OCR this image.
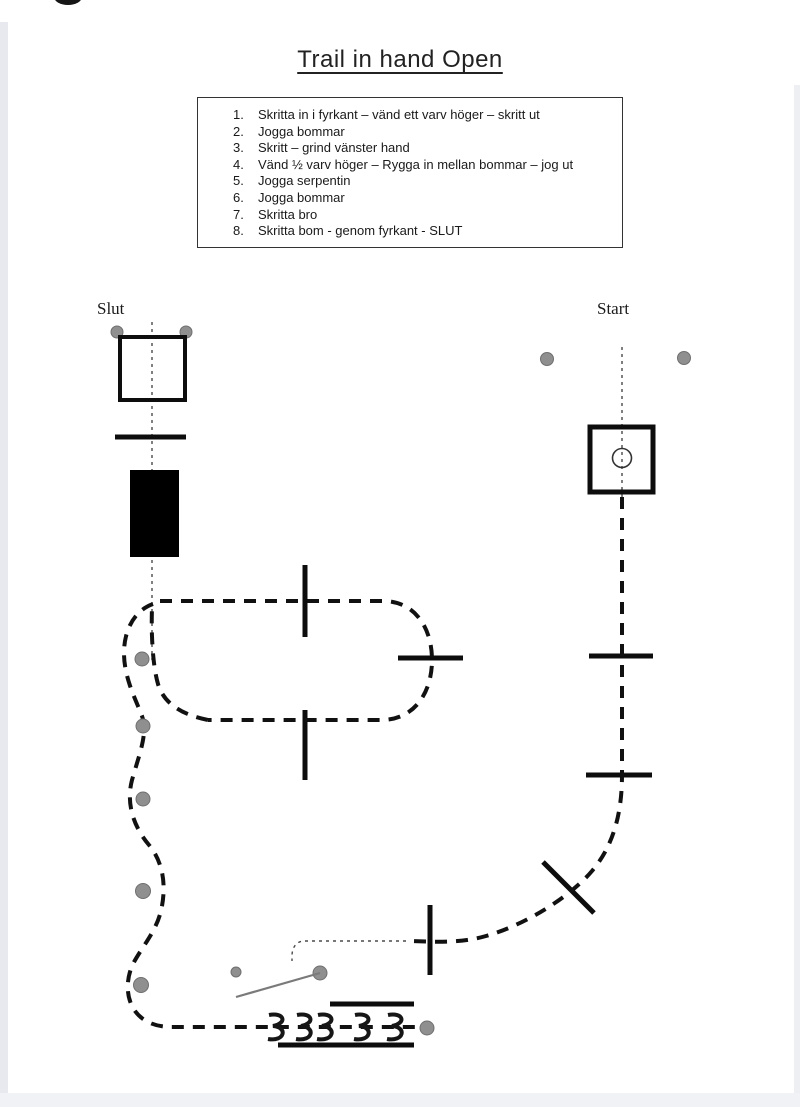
Trail in hand Open
1.	Skritta in i fyrkant – vänd ett varv höger – skritt ut
2.	Jogga bommar
3.	Skritt – grind vänster hand
4.	Vänd ½ varv höger – Rygga in mellan bommar – jog ut
5.	Jogga serpentin
6.	Jogga bommar
7.	Skritta bro
8.	Skritta bom - genom fyrkant - SLUT
Slut	Start
